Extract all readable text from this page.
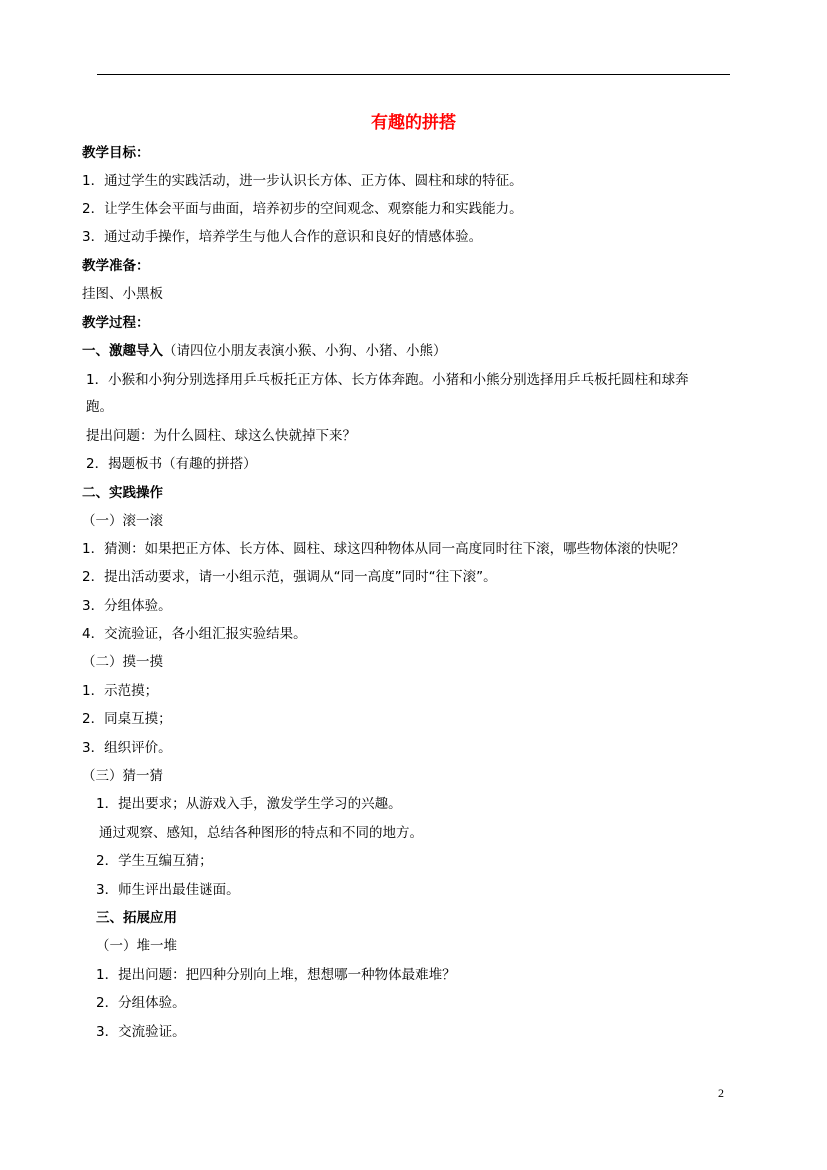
有趣的拼搭
教学目标：
1．通过学生的实践活动，进一步认识长方体、正方体、圆柱和球的特征。
2．让学生体会平面与曲面，培养初步的空间观念、观察能力和实践能力。
3．通过动手操作，培养学生与他人合作的意识和良好的情感体验。
教学准备：
挂图、小黑板
教学过程：
一、激趣导入（请四位小朋友表演小猴、小狗、小猪、小熊）
1．小猴和小狗分别选择用乒乓板托正方体、长方体奔跑。小猪和小熊分别选择用乒乓板托圆柱和球奔
跑。
提出问题：为什么圆柱、球这么快就掉下来？
2．揭题板书（有趣的拼搭）
二、实践操作
（一）滚一滚
1．猜测：如果把正方体、长方体、圆柱、球这四种物体从同一高度同时往下滚，哪些物体滚的快呢？
2．提出活动要求，请一小组示范，强调从“同一高度”同时“往下滚”。
3．分组体验。
4．交流验证，各小组汇报实验结果。
（二）摸一摸
1．示范摸；
2．同桌互摸；
3．组织评价。
（三）猜一猜
1．提出要求；从游戏入手，激发学生学习的兴趣。
通过观察、感知，总结各种图形的特点和不同的地方。
2．学生互编互猜；
3．师生评出最佳谜面。
三、拓展应用
（一）堆一堆
1．提出问题：把四种分别向上堆，想想哪一种物体最难堆？
2．分组体验。
3．交流验证。
2
